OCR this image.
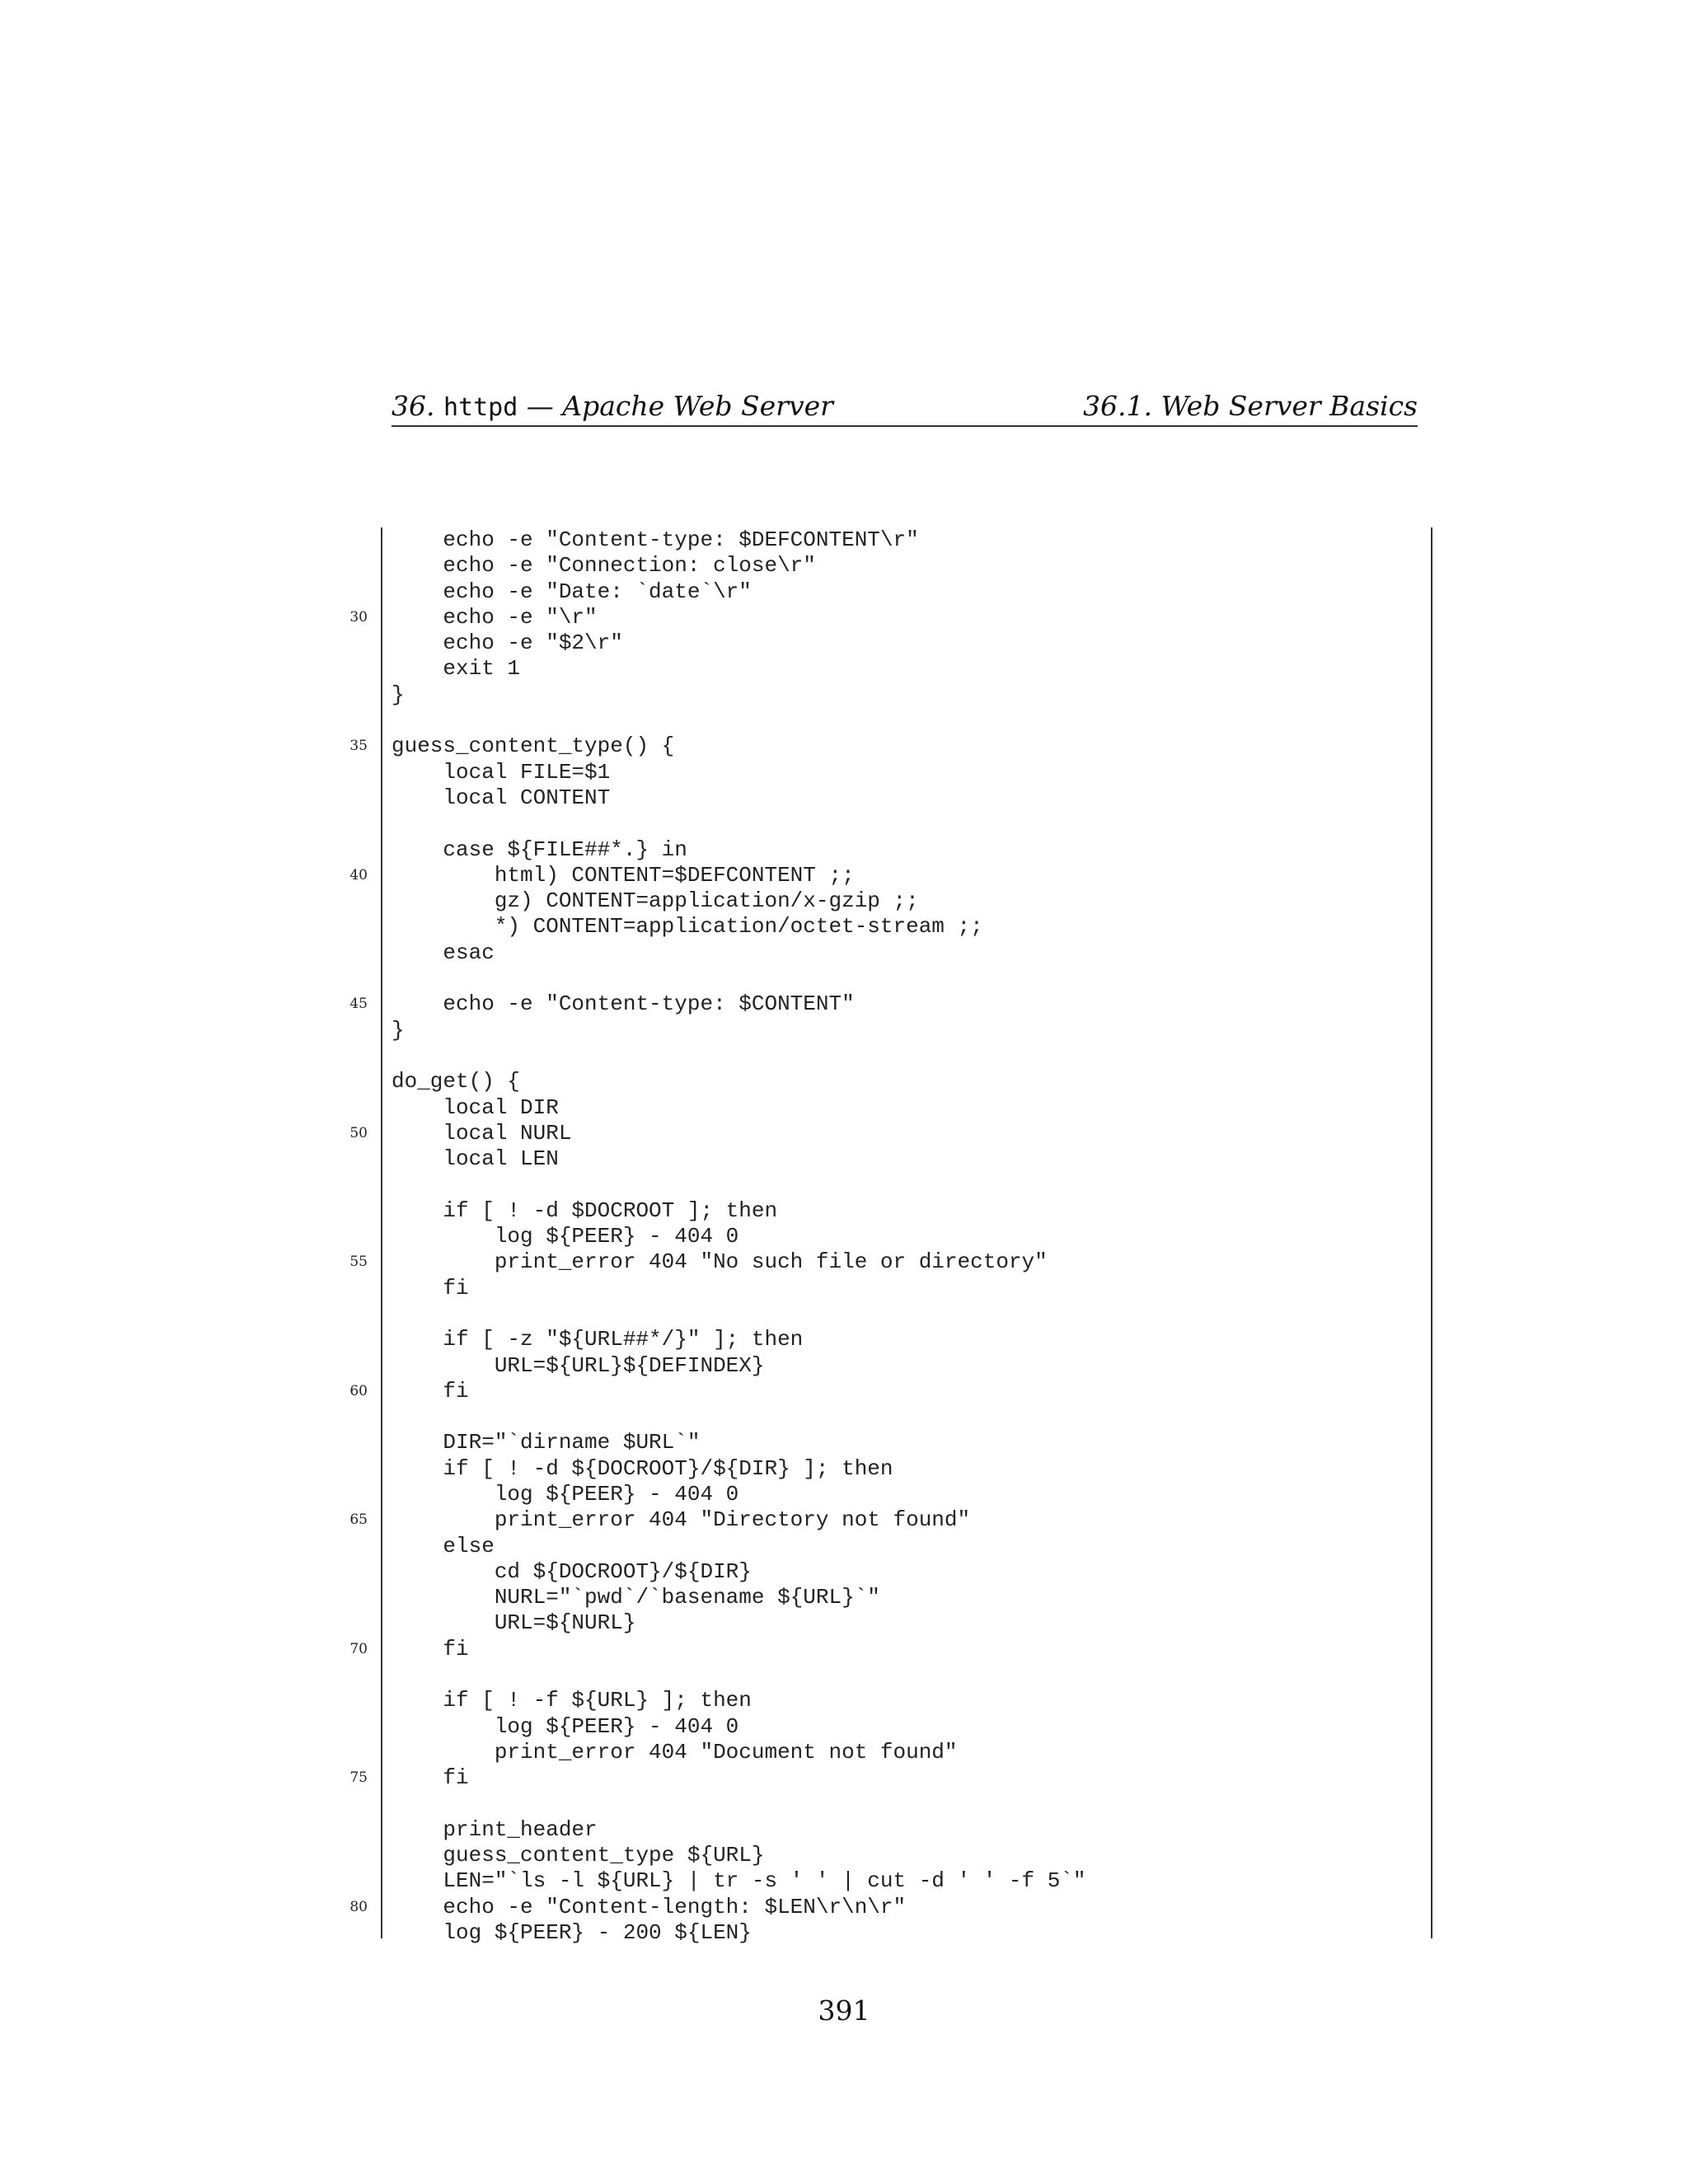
36. httpd — Apache Web Server	36.1. Web Server Basics
30
35
40
45
50
55
60
65
70
75
80
echo -e "Content-type: $DEFCONTENT\r"
echo -e "Connection: close\r"
echo -e "Date: `date`\r"
echo -e "\r"
echo -e "$2\r"
exit 1
}

guess_content_type() {
local FILE=$1
local CONTENT

case ${FILE##*.} in
html) CONTENT=$DEFCONTENT ;;
gz) CONTENT=application/x-gzip ;;
*) CONTENT=application/octet-stream ;;
esac

echo -e "Content-type: $CONTENT"
}

do_get() {
local DIR
local NURL
local LEN

if [ ! -d $DOCROOT ]; then
log ${PEER} - 404 0
print_error 404 "No such file or directory"
fi

if [ -z "${URL##*/}" ]; then
URL=${URL}${DEFINDEX}
fi

DIR="`dirname $URL`"
if [ ! -d ${DOCROOT}/${DIR} ]; then
log ${PEER} - 404 0
print_error 404 "Directory not found"
else
cd ${DOCROOT}/${DIR}
NURL="`pwd`/`basename ${URL}`"
URL=${NURL}
fi

if [ ! -f ${URL} ]; then
log ${PEER} - 404 0
print_error 404 "Document not found"
fi

print_header
guess_content_type ${URL}
LEN="`ls -l ${URL} | tr -s ' ' | cut -d ' ' -f 5`"
echo -e "Content-length: $LEN\r\n\r"
log ${PEER} - 200 ${LEN}
391
